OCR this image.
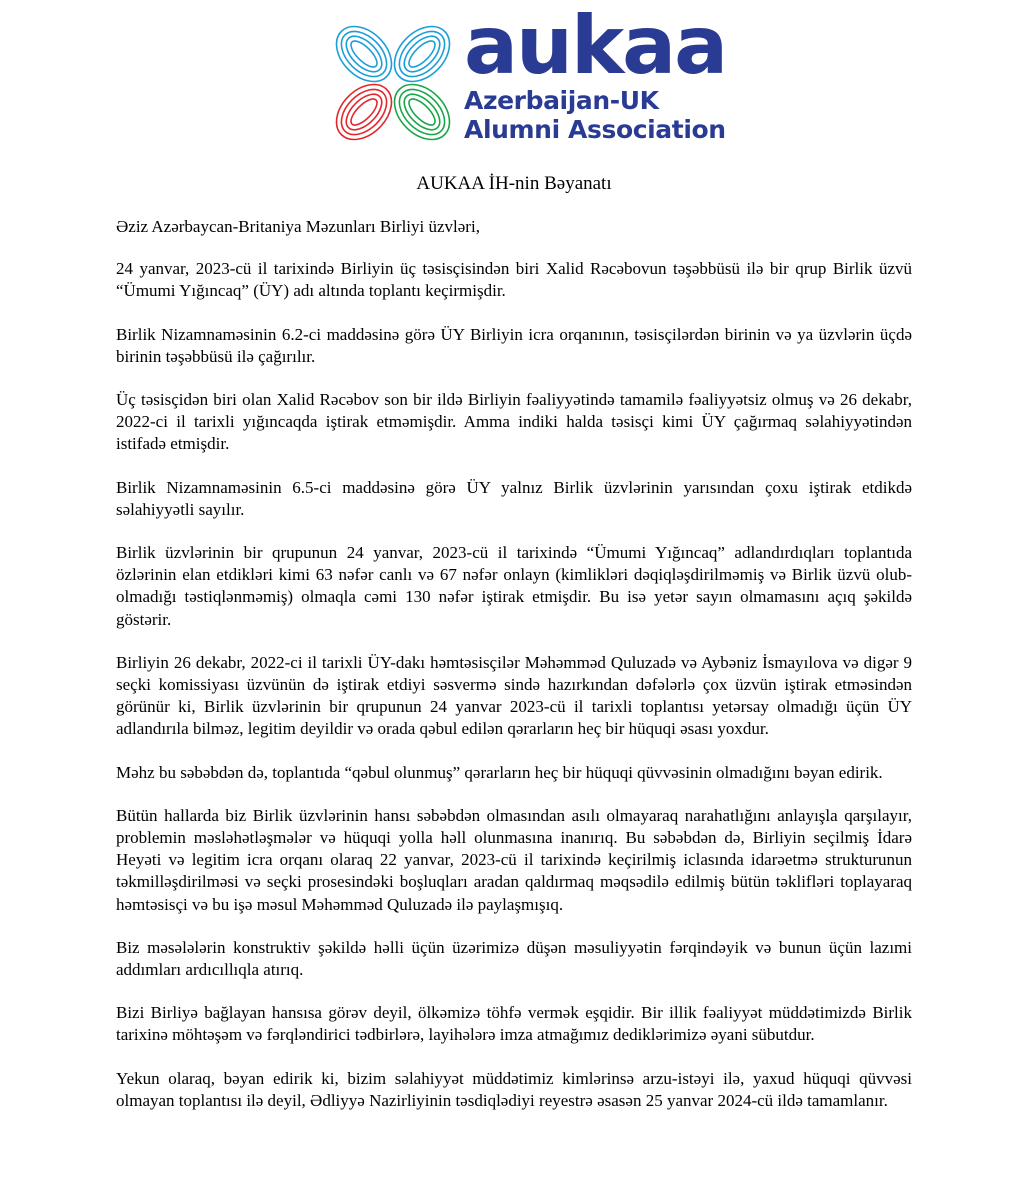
aukaa
Azerbaijan-UK
Alumni Association
AUKAA İH-nin Bəyanatı

Əziz Azərbaycan-Britaniya Məzunları Birliyi üzvləri,

24 yanvar, 2023-cü il tarixində Birliyin üç təsisçisindən biri Xalid Rəcəbovun təşəbbüsü ilə bir qrup Birlik üzvü “Ümumi Yığıncaq” (ÜY) adı altında toplantı keçirmişdir.

Birlik Nizamnaməsinin 6.2-ci maddəsinə görə ÜY Birliyin icra orqanının, təsisçilərdən birinin və ya üzvlərin üçdə birinin təşəbbüsü ilə çağırılır.

Üç təsisçidən biri olan Xalid Rəcəbov son bir ildə Birliyin fəaliyyətində tamamilə fəaliyyətsiz olmuş və 26 dekabr, 2022-ci il tarixli yığıncaqda iştirak etməmişdir. Amma indiki halda təsisçi kimi ÜY çağırmaq səlahiyyətindən istifadə etmişdir.

Birlik Nizamnaməsinin 6.5-ci maddəsinə görə ÜY yalnız Birlik üzvlərinin yarısından çoxu iştirak etdikdə səlahiyyətli sayılır.

Birlik üzvlərinin bir qrupunun 24 yanvar, 2023-cü il tarixində “Ümumi Yığıncaq” adlandırdıqları toplantıda özlərinin elan etdikləri kimi 63 nəfər canlı və 67 nəfər onlayn (kimlikləri dəqiqləşdirilməmiş və Birlik üzvü olub-olmadığı təstiqlənməmiş) olmaqla cəmi 130 nəfər iştirak etmişdir. Bu isə yetər sayın olmamasını açıq şəkildə göstərir.

Birliyin 26 dekabr, 2022-ci il tarixli ÜY-dakı həmtəsisçilər Məhəmməd Quluzadə və Aybəniz İsmayılova və digər 9 seçki komissiyası üzvünün də iştirak etdiyi səsvermə sində hazırkından dəfələrlə çox üzvün iştirak etməsindən görünür ki, Birlik üzvlərinin bir qrupunun 24 yanvar 2023-cü il tarixli toplantısı yetərsay olmadığı üçün ÜY adlandırıla bilməz, legitim deyildir və orada qəbul edilən qərarların heç bir hüquqi əsası yoxdur.

Məhz bu səbəbdən də, toplantıda “qəbul olunmuş” qərarların heç bir hüquqi qüvvəsinin olmadığını bəyan edirik.

Bütün hallarda biz Birlik üzvlərinin hansı səbəbdən olmasından asılı olmayaraq narahatlığını anlayışla qarşılayır, problemin məsləhətləşmələr və hüquqi yolla həll olunmasına inanırıq. Bu səbəbdən də, Birliyin seçilmiş İdarə Heyəti və legitim icra orqanı olaraq 22 yanvar, 2023-cü il tarixində keçirilmiş iclasında idarəetmə strukturunun təkmilləşdirilməsi və seçki prosesindəki boşluqları aradan qaldırmaq məqsədilə edilmiş bütün təklifləri toplayaraq həmtəsisçi və bu işə məsul Məhəmməd Quluzadə ilə paylaşmışıq.

Biz məsələlərin konstruktiv şəkildə həlli üçün üzərimizə düşən məsuliyyətin fərqindəyik və bunun üçün lazımi addımları ardıcıllıqla atırıq.

Bizi Birliyə bağlayan hansısa görəv deyil, ölkəmizə töhfə vermək eşqidir. Bir illik fəaliyyət müddətimizdə Birlik tarixinə möhtəşəm və fərqləndirici tədbirlərə, layihələrə imza atmağımız dediklərimizə əyani sübutdur.

Yekun olaraq, bəyan edirik ki, bizim səlahiyyət müddətimiz kimlərinsə arzu-istəyi ilə, yaxud hüquqi qüvvəsi olmayan toplantısı ilə deyil, Ədliyyə Nazirliyinin təsdiqlədiyi reyestrə əsasən 25 yanvar 2024-cü ildə tamamlanır.
